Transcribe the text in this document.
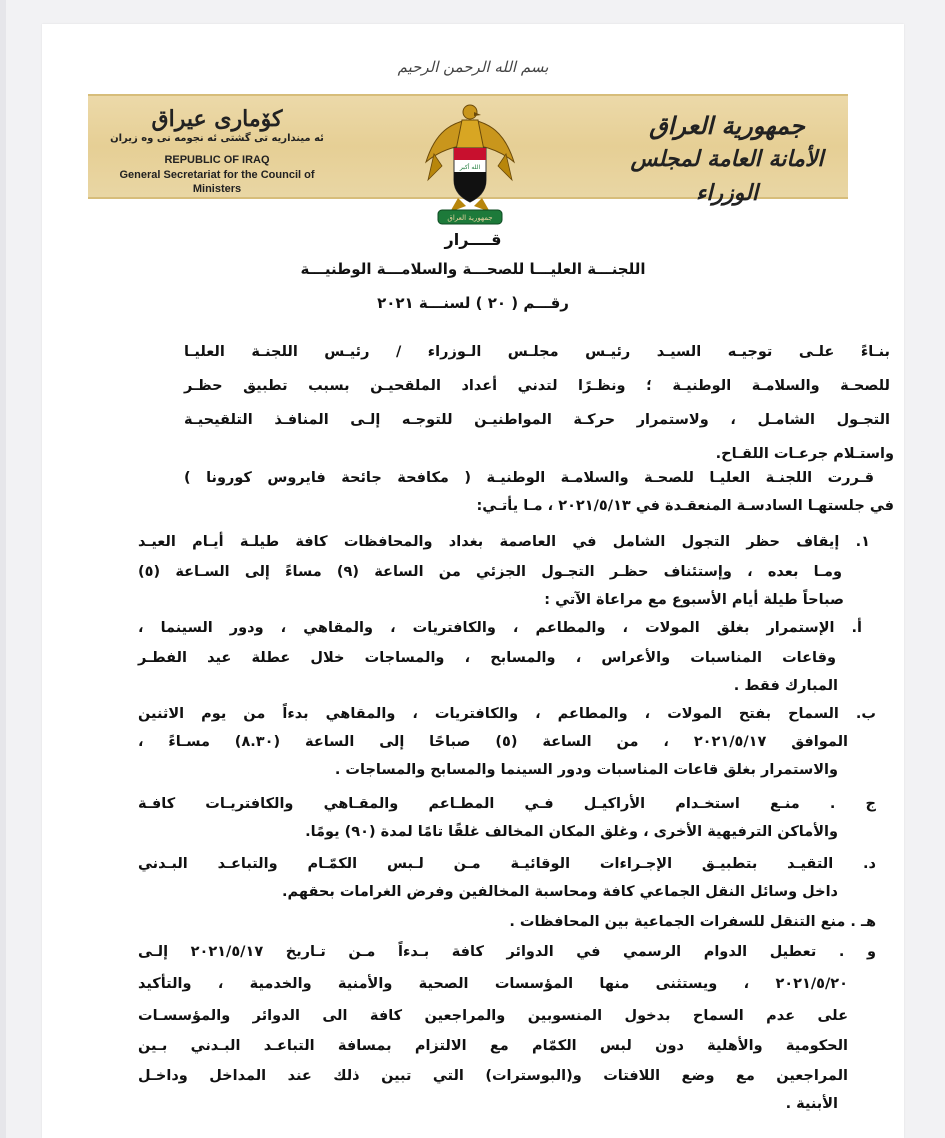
بسم الله الرحمن الرحيم
كۆماری عيراق
ئه مينداريه تى گشتى ئه نجومه نى وه زيران
REPUBLIC OF IRAQ
General Secretariat for the Council of Ministers
الله أكبر
جمهورية العراق
جمهورية العراق
الأمانة العامة لمجلس الوزراء
قــــرار
اللجنـــة العليـــا للصحـــة والسلامـــة الوطنيـــة
رقـــم ( ٢٠ ) لسنـــة ٢٠٢١
بنـاءً علـى توجيـه السيـد رئيـس مجلـس الـوزراء / رئيـس اللجنـة العليـا
للصحـة والسلامـة الوطنيـة ؛ ونظـرًا لتدني أعداد الملقحيـن بسبب تطبيق حظـر
التجـول الشامـل ، ولاستمرار حركـة المواطنيـن للتوجـه إلـى المنافـذ التلقيحيـة
واستـلام جرعـات اللقـاح.
قـررت اللجنـة العليـا للصحـة والسلامـة الوطنيـة ( مكافحة جائحة فايروس كورونا )
في جلستهـا السادسـة المنعقـدة في ٢٠٢١/٥/١٣ ، مـا يأتـي:
١. إيقاف حظر التجول الشامل في العاصمة بغداد والمحافظات كافة طيلـة أيـام العيـد
ومـا بعده ، وإستئناف حظـر التجـول الجزئي من الساعة (٩) مساءً إلى السـاعة (٥)
صباحاً طيلة أيام الأسبوع مع مراعاة الآتي :
أ. الإستمرار بغلق المولات ، والمطاعم ، والكافتريات ، والمقاهي ، ودور السينما ،
وقاعات المناسبات والأعراس ، والمسابح ، والمساجات خلال عطلة عيد الفطـر
المبارك فقط .
ب. السماح بفتح المولات ، والمطاعم ، والكافتريات ، والمقاهي بدءاً من يوم الاثنين
الموافق ٢٠٢١/٥/١٧ ، من الساعة (٥) صباحًا إلى الساعة (٨.٣٠) مسـاءً ،
والاستمرار بغلق قاعات المناسبات ودور السينما والمسابح والمساجات .
ج . منـع استخـدام الأراكيـل فـي المطـاعم والمقـاهي والكافتريـات كافـة
والأماكن الترفيهية الأخرى ، وغلق المكان المخالف غلقًا تامًا لمدة (٩٠) يومًا.
د. التقيـد بتطبيـق الإجـراءات الوقائيـة مـن لـبس الكمّـام والتباعـد البـدني
داخل وسائل النقل الجماعي كافة ومحاسبة المخالفين وفرض الغرامات بحقهم.
هـ . منع التنقل للسفرات الجماعية بين المحافظات .
و . تعطيل الدوام الرسمي في الدوائر كافة بـدءاً مـن تـاريخ ٢٠٢١/٥/١٧ إلـى
٢٠٢١/٥/٢٠ ، ويستثنى منها المؤسسات الصحية والأمنية والخدمية ، والتأكيد
على عدم السماح بدخول المنسوبين والمراجعين كافة الى الدوائر والمؤسسـات
الحكومية والأهلية دون لبس الكمّام مع الالتزام بمسافة التباعـد البـدني بـين
المراجعين مع وضع اللافتات و(البوسترات) التي تبين ذلك عند المداخل وداخـل
الأبنية .
